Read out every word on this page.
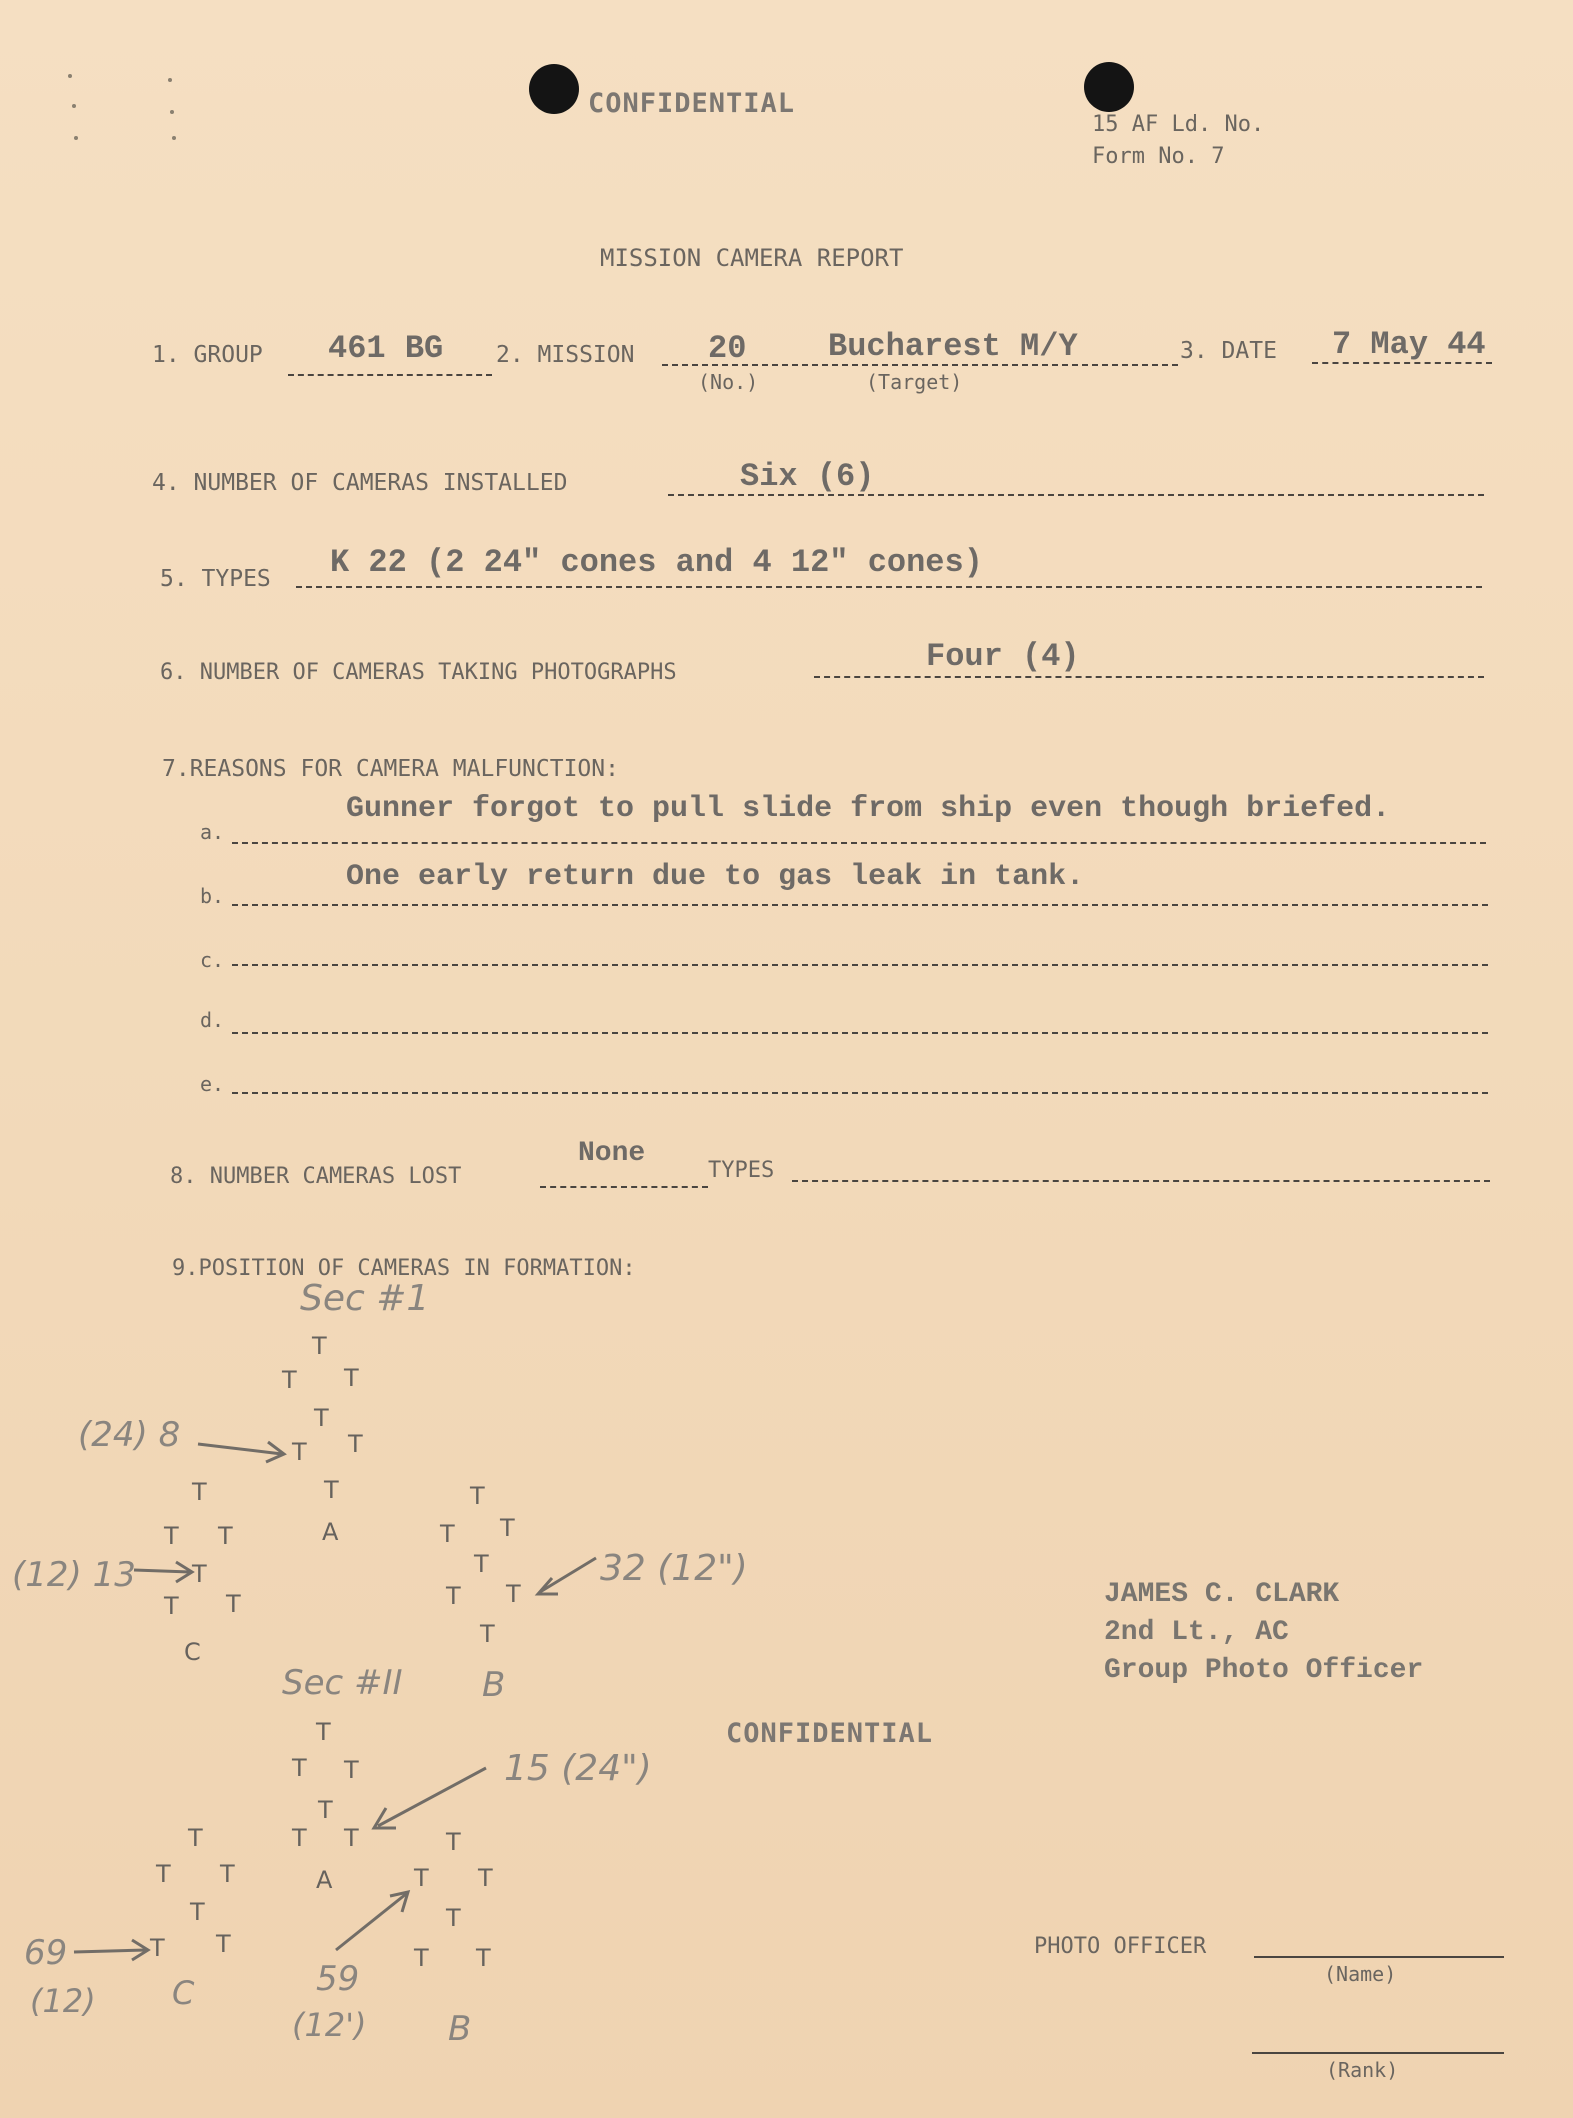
CONFIDENTIAL
15 AF Ld. No.
Form No. 7
MISSION CAMERA REPORT
1. GROUP 461 BG 2. MISSION 20
(No.)
Bucharest M/Y
(Target)
3. DATE 7 May 44
4. NUMBER OF CAMERAS INSTALLED	Six (6)
5. TYPES K 22 (2 24" cones and 4 12" cones)
6. NUMBER OF CAMERAS TAKING PHOTOGRAPHS	Four (4)
7.REASONS FOR CAMERA MALFUNCTION:
a.
Gunner forgot to pull slide from ship even though briefed.
b.
One early return due to gas leak in tank.
c.
d.
e.
8. NUMBER CAMERAS LOST
None
TYPES
9.POSITION OF CAMERAS IN FORMATION:
Sec #1
Sec #II
T
T T
T
T T
T
A
T
T T
T
T T
C
T
T T
T
T T
T
B
(24) 8
(12) 13	32 (12")
T
T T
T
T T
A
T
T T
T
T T
C
T
T T
T
T T
B
15 (24")
69
(12)
59
(12')
JAMES C. CLARK
2nd Lt., AC
Group Photo Officer
CONFIDENTIAL
PHOTO OFFICER
(Name)
(Rank)
